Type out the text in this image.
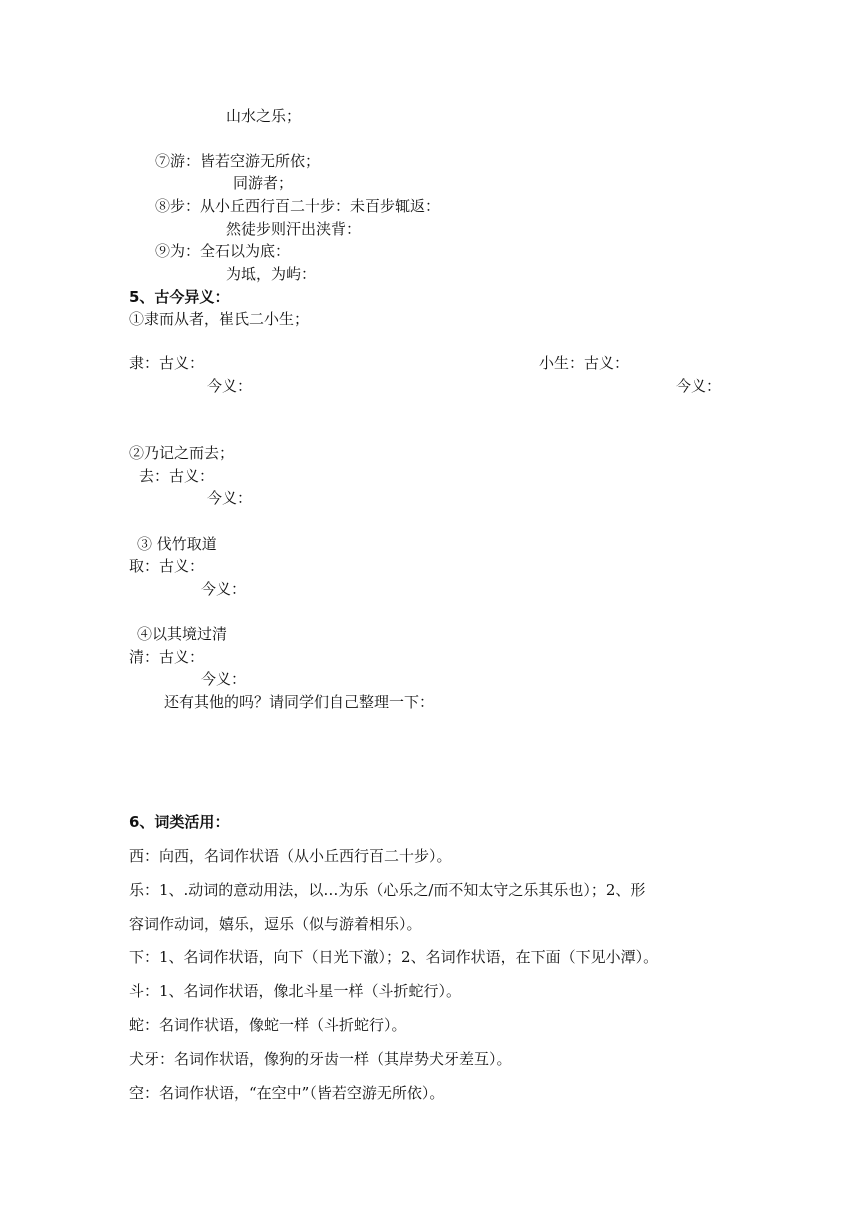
山水之乐；
⑦游：皆若空游无所依；
同游者；
⑧步：从小丘西行百二十步：未百步辄返：
然徒步则汗出浃背：
⑨为：全石以为底：
为坻，为屿：
5、古今异义：
①隶而从者，崔氏二小生；
隶：古义：	小生：古义：
今义：	今义：
②乃记之而去；
去：古义：
今义：
③ 伐竹取道
取：古义：
今义：
④以其境过清
清：古义：
今义：
还有其他的吗？请同学们自己整理一下：
6、词类活用：
西：向西，名词作状语（从小丘西行百二十步）。
乐：1、.动词的意动用法，以…为乐（心乐之/而不知太守之乐其乐也）；2、形
容词作动词，嬉乐，逗乐（似与游着相乐）。
下：1、名词作状语，向下（日光下澈）；2、名词作状语，在下面（下见小潭）。
斗：1、名词作状语，像北斗星一样（斗折蛇行）。
蛇：名词作状语，像蛇一样（斗折蛇行）。
犬牙：名词作状语，像狗的牙齿一样（其岸势犬牙差互）。
空：名词作状语，“在空中”（皆若空游无所依）。
